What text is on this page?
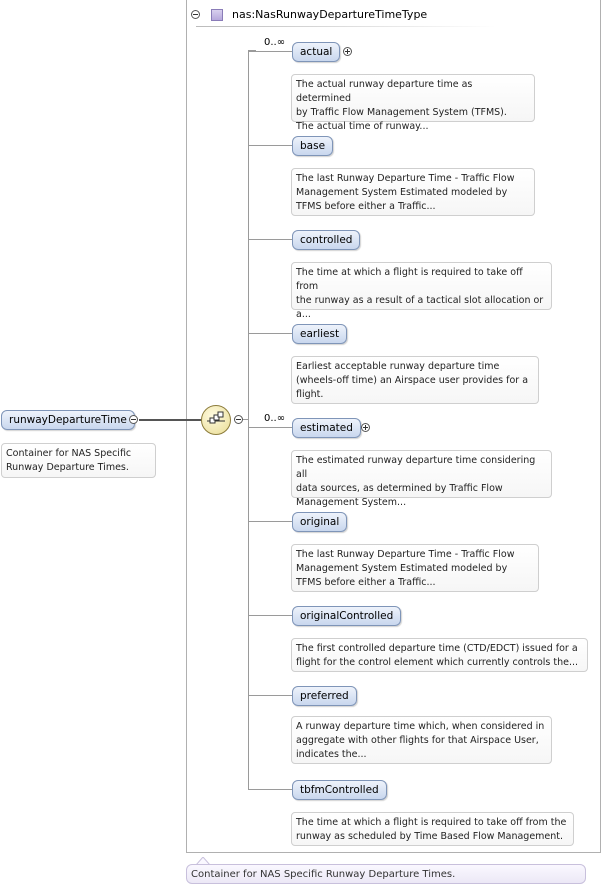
nas:NasRunwayDepartureTimeType
runwayDepartureTime
Container for NAS Specific
Runway Departure Times.
0..∞
actual
The actual runway departure time as determined
by Traffic Flow Management System (TFMS).
The actual time of runway...
base
The last Runway Departure Time - Traffic Flow
Management System Estimated modeled by
TFMS before either a Traffic...
controlled
The time at which a flight is required to take off from
the runway as a result of a tactical slot allocation or
a...
earliest
Earliest acceptable runway departure time
(wheels-off time) an Airspace user provides for a
flight.
0..∞
estimated
The estimated runway departure time considering all
data sources, as determined by Traffic Flow
Management System...
original
The last Runway Departure Time - Traffic Flow
Management System Estimated modeled by
TFMS before either a Traffic...
originalControlled
The first controlled departure time (CTD/EDCT) issued for a
flight for the control element which currently controls the...
preferred
A runway departure time which, when considered in
aggregate with other flights for that Airspace User,
indicates the...
tbfmControlled
The time at which a flight is required to take off from the
runway as scheduled by Time Based Flow Management.
Container for NAS Specific Runway Departure Times.
